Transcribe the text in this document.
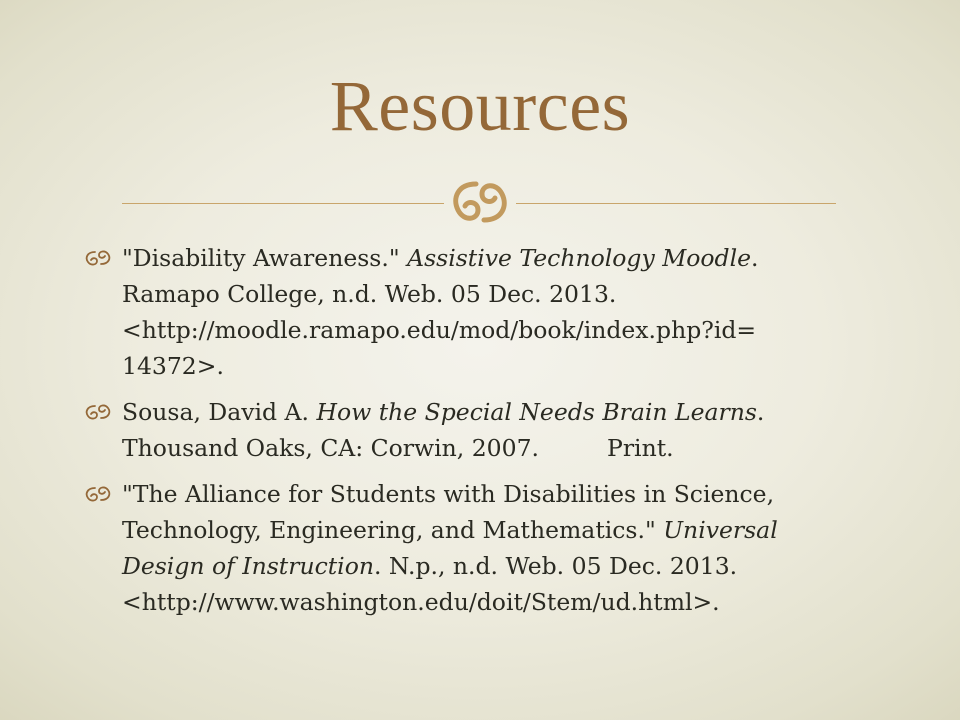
Resources
"Disability Awareness." Assistive Technology Moodle. Ramapo College, n.d. Web. 05 Dec. 2013. <http://moodle.ramapo.edu/mod/book/index.php?id= 14372>.
Sousa, David A. How the Special Needs Brain Learns. Thousand Oaks, CA: Corwin, 2007.	Print.
"The Alliance for Students with Disabilities in Science, Technology, Engineering, and Mathematics." Universal Design of Instruction. N.p., n.d. Web. 05 Dec. 2013. <http://www.washington.edu/doit/Stem/ud.html>.
